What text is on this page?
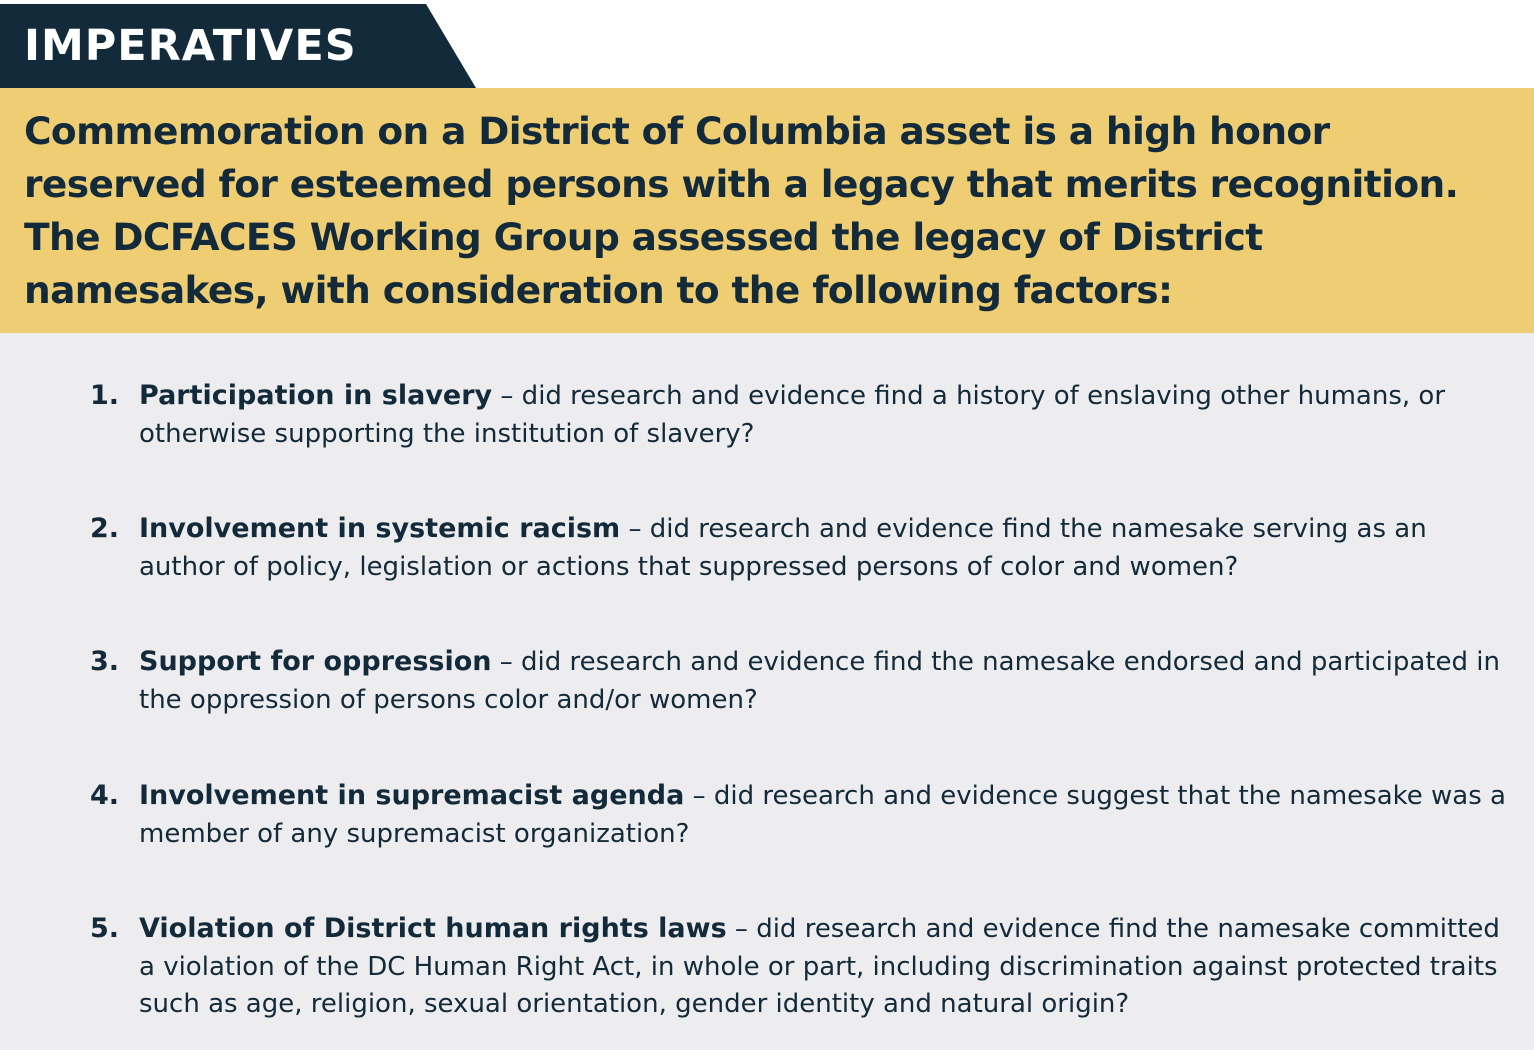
IMPERATIVES

Commemoration on a District of Columbia asset is a high honor reserved for esteemed persons with a legacy that merits recognition. The DCFACES Working Group assessed the legacy of District namesakes, with consideration to the following factors:

1. Participation in slavery – did research and evidence find a history of enslaving other humans, or otherwise supporting the institution of slavery?
2. Involvement in systemic racism – did research and evidence find the namesake serving as an author of policy, legislation or actions that suppressed persons of color and women?
3. Support for oppression – did research and evidence find the namesake endorsed and participated in the oppression of persons color and/or women?
4. Involvement in supremacist agenda – did research and evidence suggest that the namesake was a member of any supremacist organization?
5. Violation of District human rights laws – did research and evidence find the namesake committed a violation of the DC Human Right Act, in whole or part, including discrimination against protected traits such as age, religion, sexual orientation, gender identity and natural origin?
